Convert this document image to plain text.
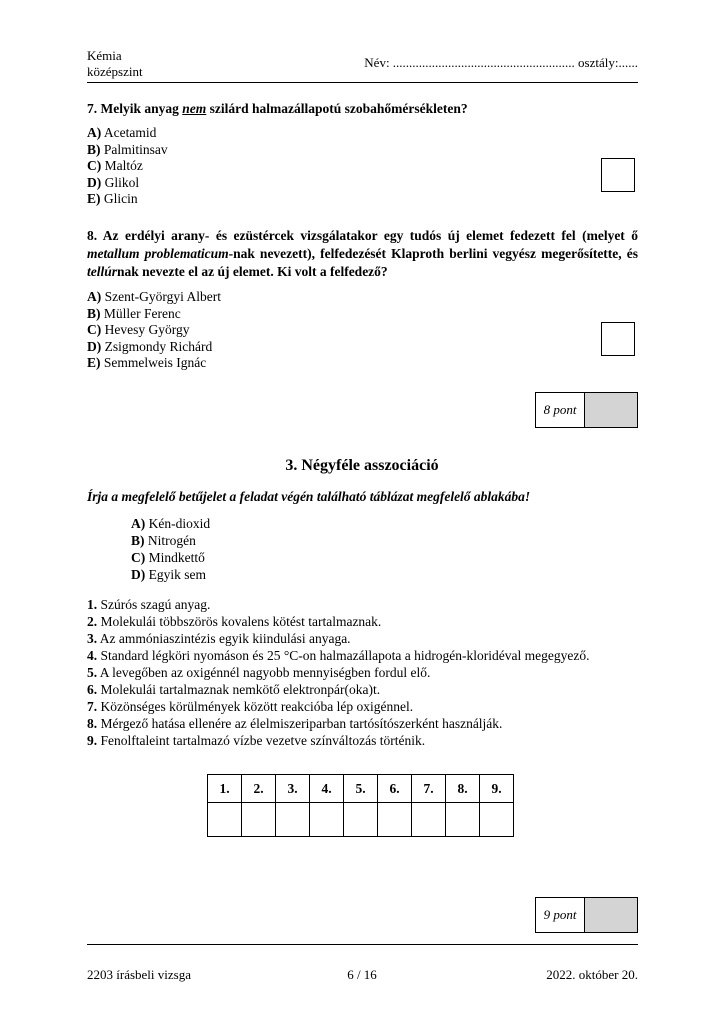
Kémia
középszint
Név: ........................................................ osztály:......
7. Melyik anyag nem szilárd halmazállapotú szobahőmérsékleten?
A) Acetamid
B) Palmitinsav
C) Maltóz
D) Glikol
E) Glicin
8. Az erdélyi arany- és ezüstércek vizsgálatakor egy tudós új elemet fedezett fel (melyet ő metallum problematicum-nak nevezett), felfedezését Klaproth berlini vegyész megerősítette, és tellúrnak nevezte el az új elemet. Ki volt a felfedező?
A) Szent-Györgyi Albert
B) Müller Ferenc
C) Hevesy György
D) Zsigmondy Richárd
E) Semmelweis Ignác
8 pont
3. Négyféle asszociáció
Írja a megfelelő betűjelet a feladat végén található táblázat megfelelő ablakába!
A) Kén-dioxid
B) Nitrogén
C) Mindkettő
D) Egyik sem
1. Szúrós szagú anyag.
2. Molekulái többszörös kovalens kötést tartalmaznak.
3. Az ammóniaszintézis egyik kiindulási anyaga.
4. Standard légköri nyomáson és 25 °C-on halmazállapota a hidrogén-kloridéval megegyező.
5. A levegőben az oxigénnél nagyobb mennyiségben fordul elő.
6. Molekulái tartalmaznak nemkötő elektronpár(oka)t.
7. Közönséges körülmények között reakcióba lép oxigénnel.
8. Mérgező hatása ellenére az élelmiszeriparban tartósítószerként használják.
9. Fenolftaleint tartalmazó vízbe vezetve színváltozás történik.
1.	2.	3.	4.	5.	6.	7.	8.	9.

9 pont
2203 írásbeli vizsga	6 / 16	2022. október 20.
